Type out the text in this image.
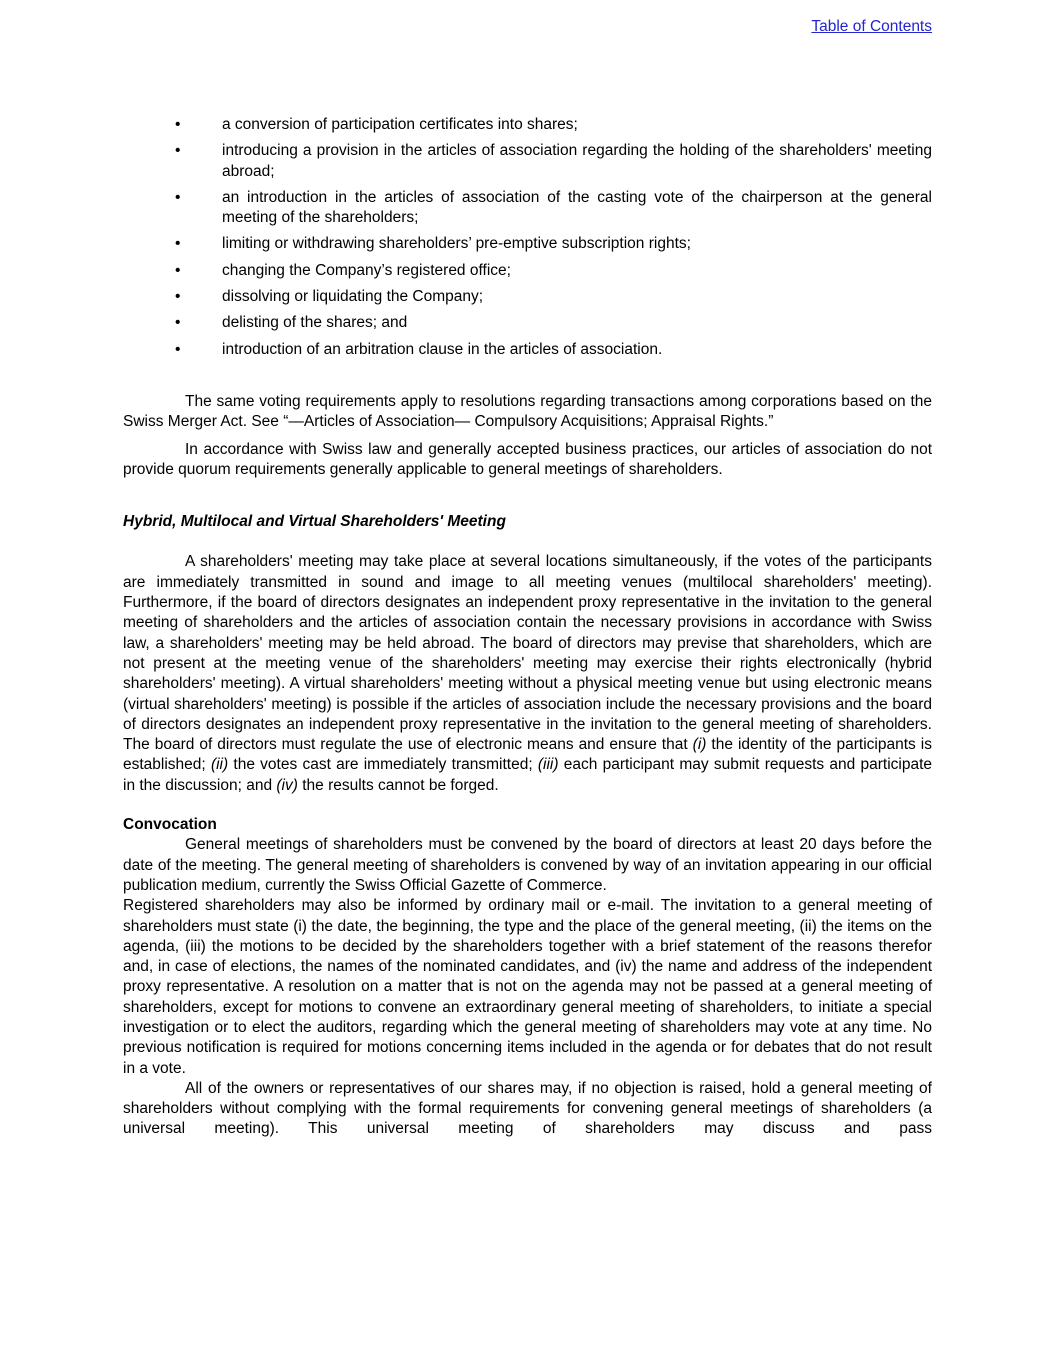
Table of Contents
•	a conversion of participation certificates into shares;
•	introducing a provision in the articles of association regarding the holding of the shareholders' meeting abroad;
•	an introduction in the articles of association of the casting vote of the chairperson at the general meeting of the shareholders;
•	limiting or withdrawing shareholders’ pre-emptive subscription rights;
•	changing the Company’s registered office;
•	dissolving or liquidating the Company;
•	delisting of the shares; and
•	introduction of an arbitration clause in the articles of association.

The same voting requirements apply to resolutions regarding transactions among corporations based on the Swiss Merger Act. See “—Articles of Association— Compulsory Acquisitions; Appraisal Rights.”

In accordance with Swiss law and generally accepted business practices, our articles of association do not provide quorum requirements generally applicable to general meetings of shareholders.

Hybrid, Multilocal and Virtual Shareholders' Meeting

A shareholders' meeting may take place at several locations simultaneously, if the votes of the participants are immediately transmitted in sound and image to all meeting venues (multilocal shareholders' meeting). Furthermore, if the board of directors designates an independent proxy representative in the invitation to the general meeting of shareholders and the articles of association contain the necessary provisions in accordance with Swiss law, a shareholders' meeting may be held abroad. The board of directors may previse that shareholders, which are not present at the meeting venue of the shareholders' meeting may exercise their rights electronically (hybrid shareholders' meeting). A virtual shareholders' meeting without a physical meeting venue but using electronic means (virtual shareholders' meeting) is possible if the articles of association include the necessary provisions and the board of directors designates an independent proxy representative in the invitation to the general meeting of shareholders. The board of directors must regulate the use of electronic means and ensure that (i) the identity of the participants is established; (ii) the votes cast are immediately transmitted; (iii) each participant may submit requests and participate in the discussion; and (iv) the results cannot be forged.

Convocation

General meetings of shareholders must be convened by the board of directors at least 20 days before the date of the meeting. The general meeting of shareholders is convened by way of an invitation appearing in our official publication medium, currently the Swiss Official Gazette of Commerce.

Registered shareholders may also be informed by ordinary mail or e-mail. The invitation to a general meeting of shareholders must state (i) the date, the beginning, the type and the place of the general meeting, (ii) the items on the agenda, (iii) the motions to be decided by the shareholders together with a brief statement of the reasons therefor and, in case of elections, the names of the nominated candidates, and (iv) the name and address of the independent proxy representative. A resolution on a matter that is not on the agenda may not be passed at a general meeting of shareholders, except for motions to convene an extraordinary general meeting of shareholders, to initiate a special investigation or to elect the auditors, regarding which the general meeting of shareholders may vote at any time. No previous notification is required for motions concerning items included in the agenda or for debates that do not result in a vote.

All of the owners or representatives of our shares may, if no objection is raised, hold a general meeting of shareholders without complying with the formal requirements for convening general meetings of shareholders (a universal meeting). This universal meeting of shareholders may discuss and pass
